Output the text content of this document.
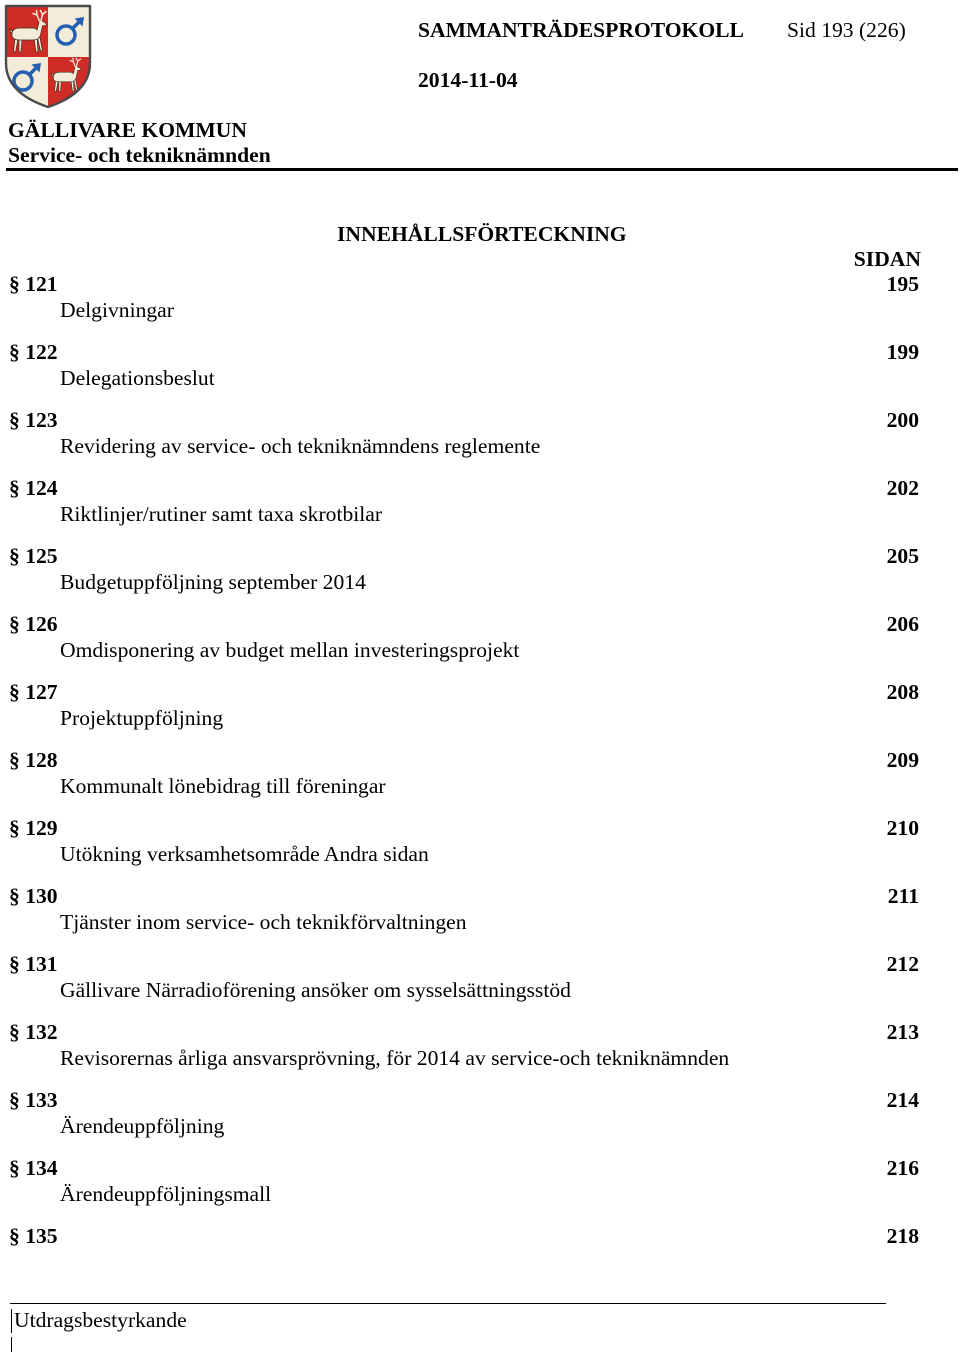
SAMMANTRÄDESPROTOKOLL Sid 193 (226)
2014-11-04
GÄLLIVARE KOMMUN
Service- och tekniknämnden
INNEHÅLLSFÖRTECKNING
SIDAN
§ 121	195
Delgivningar
§ 122	199
Delegationsbeslut
§ 123	200
Revidering av service- och tekniknämndens reglemente
§ 124	202
Riktlinjer/rutiner samt taxa skrotbilar
§ 125	205
Budgetuppföljning september 2014
§ 126	206
Omdisponering av budget mellan investeringsprojekt
§ 127	208
Projektuppföljning
§ 128	209
Kommunalt lönebidrag till föreningar
§ 129	210
Utökning verksamhetsområde Andra sidan
§ 130	211
Tjänster inom service- och teknikförvaltningen
§ 131	212
Gällivare Närradioförening ansöker om sysselsättningsstöd
§ 132	213
Revisorernas årliga ansvarsprövning, för 2014 av service-och tekniknämnden
§ 133	214
Ärendeuppföljning
§ 134	216
Ärendeuppföljningsmall
§ 135	218
Utdragsbestyrkande
